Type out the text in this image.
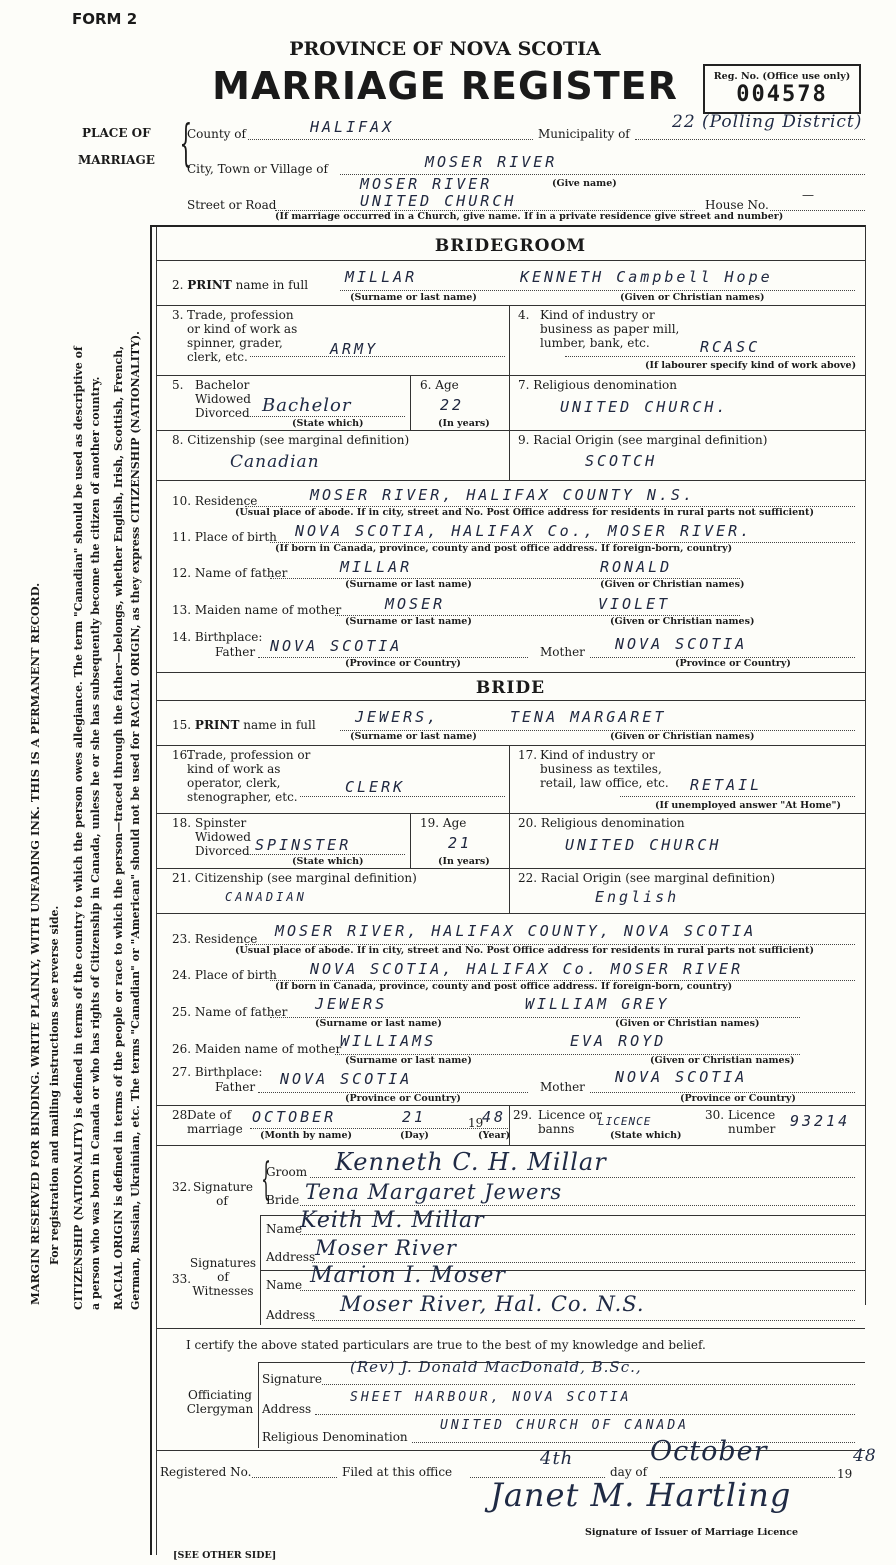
FORM 2
PROVINCE OF NOVA SCOTIA
MARRIAGE REGISTER	Reg. No. (Office use only)
004578
PLACE OF
MARRIAGE {
County of	HALIFAX	Municipality of
22 (Polling District)
City, Town or Village of	MOSER RIVER
MOSER RIVER	(Give name)
Street or Road	UNITED CHURCH	House No.
—
(If marriage occurred in a Church, give name. If in a private residence give street and number)
MARGIN RESERVED FOR BINDING. WRITE PLAINLY, WITH UNFADING INK. THIS IS A PERMANENT RECORD. For registration and mailing instructions see reverse side. CITIZENSHIP (NATIONALITY) is defined in terms of the country to which the person owes allegiance. The term "Canadian" should be used as descriptive of a person who was born in Canada or who has rights of Citizenship in Canada, unless he or she has subsequently become the citizen of another country. RACIAL ORIGIN is defined in terms of the people or race to which the person—traced through the father—belongs, whether English, Irish, Scottish, French, German, Russian, Ukrainian, etc. The terms "Canadian" or "American" should not be used for RACIAL ORIGIN, as they express CITIZENSHIP (NATIONALITY).
BRIDEGROOM
2. PRINT name in full MILLAR	KENNETH Campbell Hope
(Surname or last name)	(Given or Christian names)
3. Trade, profession or kind of work as spinner, grader, clerk, etc.	ARMY
4. Kind of industry or business as paper mill, lumber, bank, etc.	RCASC
(If labourer specify kind of work above)
5. Bachelor Widowed Divorced Bachelor
(State which)
6. Age
22
(In years)
7. Religious denomination
UNITED CHURCH.
8. Citizenship (see marginal definition)
Canadian
9. Racial Origin (see marginal definition)
SCOTCH
10. Residence	MOSER RIVER, HALIFAX COUNTY N.S.
(Usual place of abode. If in city, street and No. Post Office address for residents in rural parts not sufficient)
11. Place of birth NOVA SCOTIA, HALIFAX Co., MOSER RIVER.
(If born in Canada, province, county and post office address. If foreign-born, country)
12. Name of father	MILLAR	RONALD
(Surname or last name)	(Given or Christian names)
13. Maiden name of mother	MOSER	VIOLET
(Surname or last name)	(Given or Christian names)
14. Birthplace:
Father NOVA SCOTIA	Mother NOVA SCOTIA
(Province or Country)	(Province or Country)
BRIDE
15. PRINT name in full	JEWERS,	TENA MARGARET
(Surname or last name)	(Given or Christian names)
16.
Trade, profession or kind of work as operator, clerk, stenographer, etc.
CLERK
17. Kind of industry or business as textiles, retail, law office, etc.	RETAIL
(If unemployed answer "At Home")
18. Spinster Widowed Divorced SPINSTER
(State which)
19. Age
21
(In years)
20. Religious denomination
UNITED CHURCH
21. Citizenship (see marginal definition)
CANADIAN
22. Racial Origin (see marginal definition)
English
23. Residence MOSER RIVER, HALIFAX COUNTY, NOVA SCOTIA
(Usual place of abode. If in city, street and No. Post Office address for residents in rural parts not sufficient)
24. Place of birth NOVA SCOTIA, HALIFAX Co. MOSER RIVER
(If born in Canada, province, county and post office address. If foreign-born, country)
25. Name of father JEWERS	WILLIAM GREY
(Surname or last name)	(Given or Christian names)
26. Maiden name of mother
WILLIAMS	EVA ROYD
(Surname or last name)	(Given or Christian names)
27. Birthplace:
Father NOVA SCOTIA	Mother
NOVA SCOTIA
(Province or Country)	(Province or Country)
28.
Date of marriage
OCTOBER	21	19
48
(Month by name)	(Day)	(Year)
29. Licence or banns
LICENCE
(State which)
30. Licence number 93214
32. Signature of {
Groom Kenneth C. H. Millar
Bride Tena Margaret Jewers
Signatures of Witnesses
33.
Name
Keith M. Millar
Address Moser River
Name Marion I. Moser
Address Moser River, Hal. Co. N.S.
I certify the above stated particulars are true to the best of my knowledge and belief.
Officiating Clergyman
Signature
(Rev) J. Donald MacDonald, B.Sc.,
Address
SHEET HARBOUR, NOVA SCOTIA
Religious Denomination
UNITED CHURCH OF CANADA
Registered No.	Filed at this office
4th
day of
October
19
48
Janet M. Hartling
Signature of Issuer of Marriage Licence
[SEE OTHER SIDE]
